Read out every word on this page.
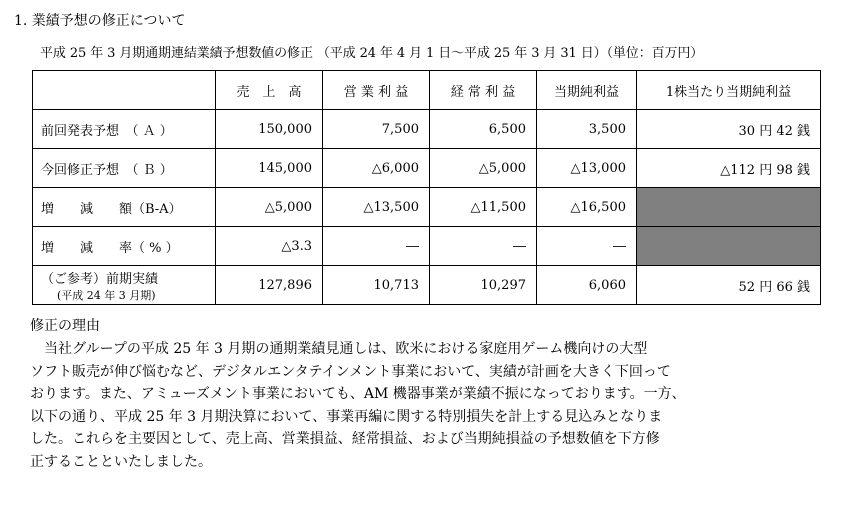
1. 業績予想の修正について
平成 25 年 3 月期通期連結業績予想数値の修正 （平成 24 年 4 月 1 日～平成 25 年 3 月 31 日）（単位：百万円）
	売　上　高	営 業 利 益	経 常 利 益	当期純利益	1株当たり当期純利益

前回発表予想　（ Ａ ）	150,000	7,500	6,500	3,500	30 円 42 銭

今回修正予想　（ Ｂ ）	145,000	△6,000	△5,000	△13,000	△112 円 98 銭

増　　減　　額（B-A）	△5,000	△13,500	△11,500	△16,500	

増　　減　　率（ % ）	△3.3	―	―	―	

（ご参考）前期実績
(平成 24 年 3 月期)	127,896	10,713	10,297	6,060	52 円 66 銭
修正の理由
　当社グループの平成 25 年 3 月期の通期業績見通しは、欧米における家庭用ゲーム機向けの大型
ソフト販売が伸び悩むなど、デジタルエンタテインメント事業において、実績が計画を大きく下回って
おります。また、アミューズメント事業においても、AM 機器事業が業績不振になっております。一方、
以下の通り、平成 25 年 3 月期決算において、事業再編に関する特別損失を計上する見込みとなりま
した。これらを主要因として、売上高、営業損益、経常損益、および当期純損益の予想数値を下方修
正することといたしました。
